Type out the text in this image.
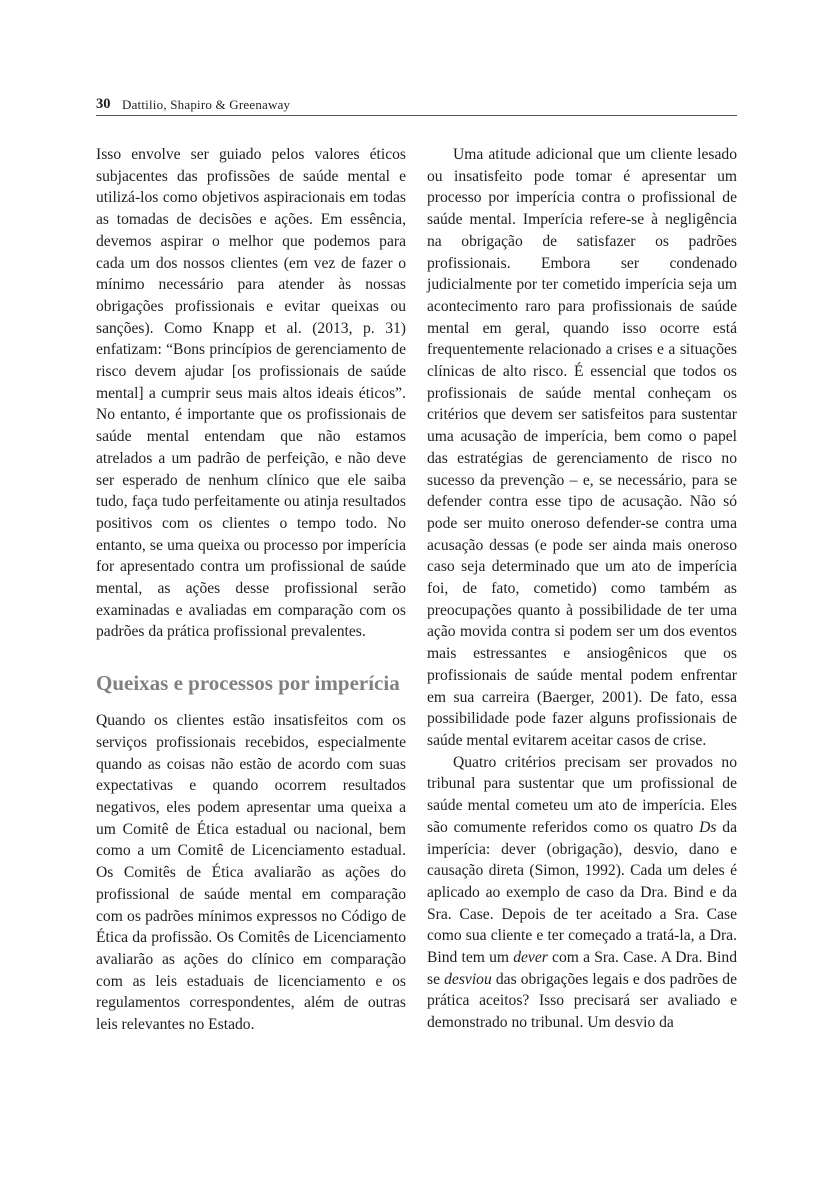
30 Dattilio, Shapiro & Greenaway

Isso envolve ser guiado pelos valores éticos subjacentes das profissões de saúde mental e utilizá-los como objetivos aspiracionais em todas as tomadas de decisões e ações. Em essência, devemos aspirar o melhor que podemos para cada um dos nossos clientes (em vez de fazer o mínimo necessário para atender às nossas obrigações profissionais e evitar queixas ou sanções). Como Knapp et al. (2013, p. 31) enfatizam: “Bons princípios de gerenciamento de risco devem ajudar [os profissionais de saúde mental] a cumprir seus mais altos ideais éticos”. No entanto, é importante que os profissionais de saúde mental entendam que não estamos atrelados a um padrão de perfeição, e não deve ser esperado de nenhum clínico que ele saiba tudo, faça tudo perfeitamente ou atinja resultados positivos com os clientes o tempo todo. No entanto, se uma queixa ou processo por imperícia for apresentado contra um profissional de saúde mental, as ações desse profissional serão examinadas e avaliadas em comparação com os padrões da prática profissional prevalentes.

Queixas e processos por imperícia

Quando os clientes estão insatisfeitos com os serviços profissionais recebidos, especialmente quando as coisas não estão de acordo com suas expectativas e quando ocorrem resultados negativos, eles podem apresentar uma queixa a um Comitê de Ética estadual ou nacional, bem como a um Comitê de Licenciamento estadual. Os Comitês de Ética avaliarão as ações do profissional de saúde mental em comparação com os padrões mínimos expressos no Código de Ética da profissão. Os Comitês de Licenciamento avaliarão as ações do clínico em comparação com as leis estaduais de licenciamento e os regulamentos correspondentes, além de outras leis relevantes no Estado.

Uma atitude adicional que um cliente lesado ou insatisfeito pode tomar é apresentar um processo por imperícia contra o profissional de saúde mental. Imperícia refere-se à negligência na obrigação de satisfazer os padrões profissionais. Embora ser condenado judicialmente por ter cometido imperícia seja um acontecimento raro para profissionais de saúde mental em geral, quando isso ocorre está frequentemente relacionado a crises e a situações clínicas de alto risco. É essencial que todos os profissionais de saúde mental conheçam os critérios que devem ser satisfeitos para sustentar uma acusação de imperícia, bem como o papel das estratégias de gerenciamento de risco no sucesso da prevenção – e, se necessário, para se defender contra esse tipo de acusação. Não só pode ser muito oneroso defender-se contra uma acusação dessas (e pode ser ainda mais oneroso caso seja determinado que um ato de imperícia foi, de fato, cometido) como também as preocupações quanto à possibilidade de ter uma ação movida contra si podem ser um dos eventos mais estressantes e ansiogênicos que os profissionais de saúde mental podem enfrentar em sua carreira (Baerger, 2001). De fato, essa possibilidade pode fazer alguns profissionais de saúde mental evitarem aceitar casos de crise.

Quatro critérios precisam ser provados no tribunal para sustentar que um profissional de saúde mental cometeu um ato de imperícia. Eles são comumente referidos como os quatro Ds da imperícia: dever (obrigação), desvio, dano e causação direta (Simon, 1992). Cada um deles é aplicado ao exemplo de caso da Dra. Bind e da Sra. Case. Depois de ter aceitado a Sra. Case como sua cliente e ter começado a tratá-la, a Dra. Bind tem um dever com a Sra. Case. A Dra. Bind se desviou das obrigações legais e dos padrões de prática aceitos? Isso precisará ser avaliado e demonstrado no tribunal. Um desvio da
